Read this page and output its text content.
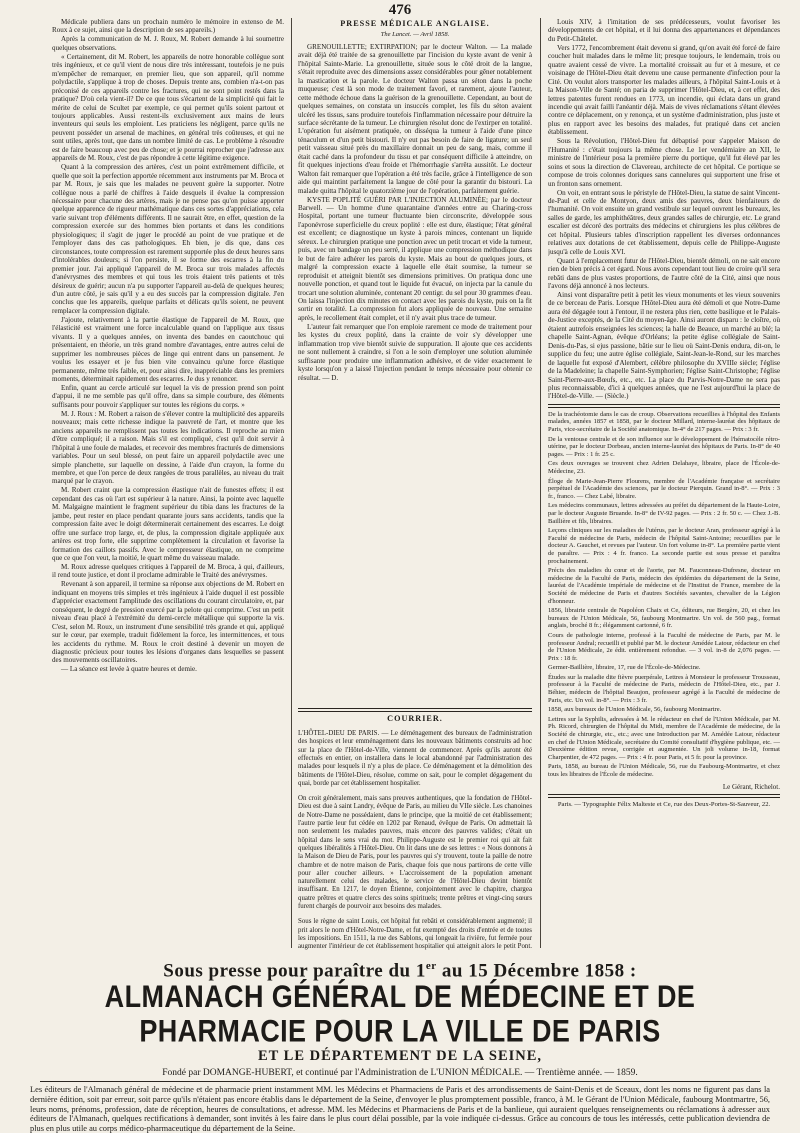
476

Médicale publiera dans un prochain numéro le mémoire in extenso de M. Roux à ce sujet, ainsi que la description de ses appareils.)

Après la communication de M. J. Roux, M. Robert demande à lui soumettre quelques observations.

« Certainement, dit M. Robert, les appareils de notre honorable collègue sont très ingénieux, et ce qu'il vient de nous dire très intéressant, toutefois je ne puis m'empêcher de remarquer, en premier lieu, que son appareil, qu'il nomme polydactile, s'applique à trop de choses. Depuis trente ans, combien n'a-t-on pas préconisé de ces appareils contre les fractures, qui ne sont point restés dans la pratique? D'où cela vient-il? De ce que tous s'écartent de la simplicité qui fait le mérite de celui de Scultet par exemple, ce qui permet qu'ils soient partout et toujours applicables. Aussi restent-ils exclusivement aux mains de leurs inventeurs qui seuls les emploient. Les praticiens les négligent, parce qu'ils ne peuvent posséder un arsenal de machines, en général très coûteuses, et qui ne sont utiles, après tout, que dans un nombre limité de cas. Le problème à résoudre est de faire beaucoup avec peu de chose; et je pourrai reprocher que j'adresse aux appareils de M. Roux, c'est de pas répondre à cette légitime exigence.

Quant à la compression des artères, c'est un point extrêmement difficile, et quelle que soit la perfection apportée récemment aux instruments par M. Broca et par M. Roux, je sais que les malades ne peuvent guère la supporter. Notre collègue nous a parlé de chiffres à l'aide desquels il évalue la compression nécessaire pour chacune des artères, mais je ne pense pas qu'on puisse apporter quelque apparence de rigueur mathématique dans ces sortes d'appréciations, cela varie suivant trop d'éléments différents. Il ne saurait être, en effet, question de la compression exercée sur des hommes bien portants et dans les conditions physiologiques; il s'agit de juger le procédé au point de vue pratique et de l'employer dans des cas pathologiques. Eh bien, je dis que, dans ces circonstances, toute compression est rarement supportée plus de deux heures sans d'intolérables douleurs; si l'on persiste, il se forme des escarres à la fin du premier jour. J'ai appliqué l'appareil de M. Broca sur trois malades affectés d'anévrysmes des membres et qui tous les trois étaient très patients et très désireux de guérir; aucun n'a pu supporter l'appareil au-delà de quelques heures; d'un autre côté, je sais qu'il y a eu des succès par la compression digitale. J'en conclus que les appareils, quelque parfaits et délicats qu'ils soient, ne peuvent remplacer la compression digitale.

J'ajoute, relativement à la partie élastique de l'appareil de M. Roux, que l'élasticité est vraiment une force incalculable quand on l'applique aux tissus vivants. Il y a quelques années, on inventa des bandes en caoutchouc qui présentaient, en théorie, un très grand nombre d'avantages, entre autres celui de supprimer les nombreuses pièces de linge qui entrent dans un pansement. Je voulus les essayer et je fus bien vite convaincu qu'une force élastique permanente, même très faible, et, pour ainsi dire, inappréciable dans les premiers moments, déterminait rapidement des escarres. Je dus y renoncer.

Enfin, quant au cercle articulé sur lequel la vis de pression prend son point d'appui, il ne me semble pas qu'il offre, dans sa simple courbure, des éléments suffisants pour pouvoir s'appliquer sur toutes les régions du corps. »

M. J. Roux : M. Robert a raison de s'élever contre la multiplicité des appareils nouveaux; mais cette richesse indique la pauvreté de l'art, et montre que les anciens appareils ne remplissent pas toutes les indications. Il reproche au mien d'être compliqué; il a raison. Mais s'il est compliqué, c'est qu'il doit servir à l'hôpital à une foule de malades, et recevoir des membres fracturés de dimensions variables. Pour un seul blessé, on peut faire un appareil polydactile avec une simple planchette, sur laquelle on dessine, à l'aide d'un crayon, la forme du membre, et que l'on perce de deux rangées de trous parallèles, au niveau du trait marqué par le crayon.

M. Robert craint que la compression élastique n'ait de funestes effets; il est cependant des cas où l'art est supérieur à la nature. Ainsi, la pointe avec laquelle M. Malgaigne maintient le fragment supérieur du tibia dans les fractures de la jambe, peut rester en place pendant quarante jours sans accidents, tandis que la compression faite avec le doigt déterminerait certainement des escarres. Le doigt offre une surface trop large, et, de plus, la compression digitale appliquée aux artères est trop forte, elle supprime complètement la circulation et favorise la formation des caillots passifs. Avec le compresseur élastique, on ne comprime que ce que l'on veut, la moitié, le quart même du vaisseau malade.

M. Roux adresse quelques critiques à l'appareil de M. Broca, à qui, d'ailleurs, il rend toute justice, et dont il proclame admirable le Traité des anévrysmes.

Revenant à son appareil, il termine sa réponse aux objections de M. Robert en indiquant en moyens très simples et très ingénieux à l'aide duquel il est possible d'apprécier exactement l'amplitude des oscillations du courant circulatoire, et, par conséquent, le degré de pression exercé par la pelote qui comprime. C'est un petit niveau d'eau placé à l'extrémité du demi-cercle métallique qui supporte la vis. C'est, selon M. Roux, un instrument d'une sensibilité très grande et qui, appliqué sur le cœur, par exemple, traduit fidèlement la force, les intermittences, et tous les accidents du rythme. M. Roux le croit destiné à devenir un moyen de diagnostic précieux pour toutes les lésions d'organes dans lesquelles se passent des mouvements oscillatoires.

— La séance est levée à quatre heures et demie.

PRESSE MÉDICALE ANGLAISE.
The Lancet. — Avril 1858.

GRENOUILLETTE; EXTIRPATION; par le docteur Walton. — La malade avait déjà été traitée de sa grenouillette par l'incision du kyste avant de venir à l'hôpital Sainte-Marie. La grenouillette, située sous le côté droit de la langue, s'était reproduite avec des dimensions assez considérables pour gêner notablement la mastication et la parole. Le docteur Walton passa un séton dans la poche muqueuse; c'est là son mode de traitement favori, et rarement, ajoute l'auteur, cette méthode échoue dans la guérison de la grenouillette. Cependant, au bout de quelques semaines, on constata un insuccès complet, les fils du séton avaient ulcéré les tissus, sans produire toutefois l'inflammation nécessaire pour détruire la surface sécrétante de la tumeur. Le chirurgien résolut donc de l'extirper en totalité. L'opération fut aisément pratiquée, on disséqua la tumeur à l'aide d'une pince ténaculum et d'un petit bistouri. Il n'y eut pas besoin de faire de ligature; un seul petit vaisseau situé près du maxillaire donnait un peu de sang, mais, comme il était caché dans la profondeur du tissu et par conséquent difficile à atteindre, on fit quelques injections d'eau froide et l'hémorrhagie s'arrêta aussitôt. Le docteur Walton fait remarquer que l'opération a été très facile, grâce à l'intelligence de son aide qui maintint parfaitement la langue de côté pour la garantir du bistouri. La malade quitta l'hôpital le quatorzième jour de l'opération, parfaitement guérie.

KYSTE POPLITÉ GUÉRI PAR L'INJECTION ALUMINÉE; par le docteur Barwell. — Un homme d'une quarantaine d'années entre au Charing-cross Hospital, portant une tumeur fluctuante bien circonscrite, développée sous l'aponévrose superficielle du creux poplité : elle est dure, élastique; l'état général est excellent; ce diagnostique un kyste à parois minces, contenant un liquide séreux. Le chirurgien pratique une ponction avec un petit trocart et vide la tumeur, puis, avec un bandage un peu serré, il applique une compression méthodique dans le but de faire adhérer les parois du kyste. Mais au bout de quelques jours, et malgré la compression exacte à laquelle elle était soumise, la tumeur se reproduisit et atteignit bientôt ses dimensions primitives. On pratiqua donc une nouvelle ponction, et quand tout le liquide fut évacué, on injecta par la canule du trocart une solution aluminée, contenant 20 centigr. du sel pour 30 grammes d'eau. On laissa l'injection dix minutes en contact avec les parois du kyste, puis on la fit sortir en totalité. La compression fut alors appliquée de nouveau. Une semaine après, le recollement était complet, et il n'y avait plus trace de tumeur.

L'auteur fait remarquer que l'on emploie rarement ce mode de traitement pour les kystes du creux poplité, dans la crainte de voir s'y développer une inflammation trop vive bientôt suivie de suppuration. Il ajoute que ces accidents ne sont nullement à craindre, si l'on a le soin d'employer une solution aluminée suffisante pour produire une inflammation adhésive, et de vider exactement le kyste lorsqu'on y a laissé l'injection pendant le temps nécessaire pour obtenir ce résultat. — D.

COURRIER.

L'HÔTEL-DIEU DE PARIS. — Le déménagement des bureaux de l'administration des hospices et leur emménagement dans les nouveaux bâtiments construits ad hoc sur la place de l'Hôtel-de-Ville, viennent de commencer. Après qu'ils auront été effectués en entier, on installera dans le local abandonné par l'administration des malades pour lesquels il n'y a plus de place. Ce déménagement et la démolition des bâtiments de l'Hôtel-Dieu, résolue, comme on sait, pour le complet dégagement du quai, borde par cet établissement hospitalier.

On croit généralement, mais sans preuves authentiques, que la fondation de l'Hôtel-Dieu est due à saint Landry, évêque de Paris, au milieu du VIIe siècle. Les chanoines de Notre-Dame ne possédaient, dans le principe, que la moitié de cet établissement; l'autre partie leur fut cédée en 1202 par Renaud, évêque de Paris. On admettait là non seulement les malades pauvres, mais encore des pauvres valides; c'était un hôpital dans le sens vrai du mot. Philippe-Auguste est le premier roi qui ait fait quelques libéralités à l'Hôtel-Dieu. On lit dans une de ses lettres : « Nous donnons à la Maison de Dieu de Paris, pour les pauvres qui s'y trouvent, toute la paille de notre chambre et de notre maison de Paris, chaque fois que nous partirons de cette ville pour aller coucher ailleurs. » L'accroissement de la population amenant naturellement celui des malades, le service de l'Hôtel-Dieu devint bientôt insuffisant. En 1217, le doyen Étienne, conjointement avec le chapitre, chargea quatre prêtres et quatre clercs des soins spirituels; trente prêtres et vingt-cinq sœurs furent chargés de pourvoir aux besoins des malades.

Sous le règne de saint Louis, cet hôpital fut rebâti et considérablement augmenté; il prit alors le nom d'Hôtel-Notre-Dame, et fut exempté des droits d'entrée et de toutes les impositions. En 1511, la rue des Sablons, qui longeait la rivière, fut fermée pour augmenter l'intérieur de cet établissement hospitalier qui atteignit alors le petit Pont.

Louis XIV, à l'imitation de ses prédécesseurs, voulut favoriser les développements de cet hôpital, et il lui donna des appartenances et dépendances du Petit-Châtelet.

Vers 1772, l'encombrement était devenu si grand, qu'on avait été forcé de faire coucher huit malades dans le même lit; presque toujours, le lendemain, trois ou quatre avaient cessé de vivre. La mortalité croissait au fur et à mesure, et ce voisinage de l'Hôtel-Dieu était devenu une cause permanente d'infection pour la Cité. On voulut alors transporter les malades ailleurs, à l'hôpital Saint-Louis et à la Maison-Ville de Santé; on paria de supprimer l'Hôtel-Dieu, et, à cet effet, des lettres patentes furent rendues en 1773, un incendie, qui éclata dans un grand incendie qui avait failli l'anéantir déjà. Mais de vives réclamations s'étant élevées contre ce déplacement, on y renonça, et un système d'administration, plus juste et plus en rapport avec les besoins des malades, fut pratiqué dans cet ancien établissement.

Sous la Révolution, l'Hôtel-Dieu fut débaptisé pour s'appeler Maison de l'Humanité : c'était toujours la même chose. Le 1er vendémiaire an XII, le ministre de l'intérieur posa la première pierre du portique, qu'il fut élevé par les soins et sous la direction de Clavereau, architecte de cet hôpital. Ce portique se compose de trois colonnes doriques sans cannelures qui supportent une frise et un fronton sans ornement.

On voit, en entrant sous le péristyle de l'Hôtel-Dieu, la statue de saint Vincent-de-Paul et celle de Montyon, deux amis des pauvres, deux bienfaiteurs de l'humanité. On voit ensuite un grand vestibule sur lequel ouvrent les bureaux, les salles de garde, les amphithéâtres, deux grandes salles de chirurgie, etc. Le grand escalier est décoré des portraits des médecins et chirurgiens les plus célèbres de cet hôpital. Plusieurs tables d'inscription rappellent les diverses ordonnances relatives aux dotations de cet établissement, depuis celle de Philippe-Auguste jusqu'à celle de Louis XVI.

Quant à l'emplacement futur de l'Hôtel-Dieu, bientôt démoli, on ne sait encore rien de bien précis à cet égard. Nous avons cependant tout lieu de croire qu'il sera rebâti dans de plus vastes proportions, de l'autre côté de la Cité, ainsi que nous l'avons déjà annoncé à nos lecteurs.

Ainsi vont disparaître petit à petit les vieux monuments et les vieux souvenirs de ce berceau de Paris. Lorsque l'Hôtel-Dieu aura été démoli et que Notre-Dame aura été dégagée tout à l'entour, il ne restera plus rien, cette basilique et le Palais-de-Justice exceptés, de la Cité du moyen-âge. Ainsi auront disparu : le cloître, où étaient autrefois enseignées les sciences; la halle de Beauce, un marché au blé; la chapelle Saint-Agnan, évêque d'Orléans; la petite église collégiale de Saint-Denis-du-Pas, si ejus passione, bâtie sur le lieu où Saint-Denis endura, dit-on, le supplice du feu; une autre église collégiale, Saint-Jean-le-Rond, sur les marches de laquelle fut exposé d'Alembert, célèbre philosophe du XVIIIe siècle; l'église de la Madeleine; la chapelle Saint-Symphorien; l'église Saint-Christophe; l'église Saint-Pierre-aux-Bœufs, etc., etc. La place du Parvis-Notre-Dame ne sera pas plus reconnaissable, d'ici à quelques années, que ne l'est aujourd'hui la place de l'Hôtel-de-Ville. — (Siècle.)

De la trachéotomie dans le cas de croup. Observations recueillies à l'hôpital des Enfants malades, années 1857 et 1858, par le docteur Millard, interne-lauréat des hôpitaux de Paris, vice-secrétaire de la Société anatomique. In-4° de 217 pages. — Prix : 3 fr.

De la ventouse centrale et de son influence sur le développement de l'hématocèle rétro-utérine, par le docteur Dorbeau, ancien interne-lauréat des hôpitaux de Paris. In-8° de 40 pages. — Prix : 1 fr. 25 c.

Ces deux ouvrages se trouvent chez Adrien Delahaye, libraire, place de l'École-de-Médecine, 23.

Éloge de Marie-Jean-Pierre Flourens, membre de l'Académie française et secrétaire perpétuel de l'Académie des sciences, par le docteur Pierquin. Grand in-8°. — Prix : 3 fr., franco. — Chez Labé, libraire.

Les médecins communaux, lettres adressées au préfet du département de la Haute-Loire, par le docteur Auguste Bruande. In-8° de IV-92 pages. — Prix : 2 fr. 50 c. — Chez J.-B. Baillière et fils, libraires.

Leçons cliniques sur les maladies de l'utérus, par le docteur Aran, professeur agrégé à la Faculté de médecine de Paris, médecin de l'hôpital Saint-Antoine; recueillies par le docteur A. Gauchet, et revues par l'auteur. Un fort volume in-8°. La première partie vient de paraître. — Prix : 4 fr. franco. La seconde partie est sous presse et paraîtra prochainement.

Précis des maladies du cœur et de l'aorte, par M. Fauconneau-Dufresne, docteur en médecine de la Faculté de Paris, médecin des épidémies du département de la Seine, lauréat de l'Académie impériale de médecine et de l'Institut de France, membre de la Société de médecine de Paris et d'autres Sociétés savantes, chevalier de la Légion d'honneur.

1856, librairie centrale de Napoléon Chaix et Ce, éditeurs, rue Bergère, 20, et chez les bureaux de l'Union Médicale, 56, faubourg Montmartre. Un vol. de 560 pag., format anglais, broché 8 fr.; élégamment cartonné, 6 fr.

Cours de pathologie interne, professé à la Faculté de médecine de Paris, par M. le professeur Andral; recueilli et publié par M. le docteur Amédée Latour, rédacteur en chef de l'Union Médicale, 2e édit. entièrement refondue. — 3 vol. in-8 de 2,076 pages. — Prix : 18 fr.

Germer-Baillière, libraire, 17, rue de l'École-de-Médecine.

Études sur la maladie dite fièvre puerpérale, Lettres à Monsieur le professeur Trousseau, professeur à la Faculté de médecine de Paris, médecin de l'Hôtel-Dieu, etc., par J. Béhier, médecin de l'hôpital Beaujon, professeur agrégé à la Faculté de médecine de Paris, etc. Un vol. in-8°. — Prix : 3 fr.

1858, aux bureaux de l'Union Médicale, 56, faubourg Montmartre.

Lettres sur la Syphilis, adressées à M. le rédacteur en chef de l'Union Médicale, par M. Ph. Ricord, chirurgien de l'hôpital du Midi, membre de l'Académie de médecine, de la Société de chirurgie, etc., etc.; avec une Introduction par M. Amédée Latour, rédacteur en chef de l'Union Médicale, secrétaire du Comité consultatif d'hygiène publique, etc. — Deuxième édition revue, corrigée et augmentée. Un joli volume in-18, format Charpentier, de 472 pages. — Prix : 4 fr. pour Paris, et 5 fr. pour la province.

Paris, 1858, au bureau de l'Union Médicale, 56, rue du Faubourg-Montmartre, et chez tous les libraires de l'École de médecine.

Le Gérant, Richelot.
Paris. — Typographie Félix Malteste et Ce, rue des Deux-Portes-St-Sauveur, 22.
Sous presse pour paraître du 1er au 15 Décembre 1858 :
ALMANACH GÉNÉRAL DE MÉDECINE ET DE PHARMACIE POUR LA VILLE DE PARIS
ET LE DÉPARTEMENT DE LA SEINE,
Fondé par DOMANGE-HUBERT, et continué par l'Administration de L'UNION MÉDICALE. — Trentième année. — 1859.
Les éditeurs de l'Almanach général de médecine et de pharmacie prient instamment MM. les Médecins et Pharmaciens de Paris et des arrondissements de Saint-Denis et de Sceaux, dont les noms ne figurent pas dans la dernière édition, soit par erreur, soit parce qu'ils n'étaient pas encore établis dans le département de la Seine, d'envoyer le plus promptement possible, franco, à M. le Gérant de l'Union Médicale, faubourg Montmartre, 56, leurs noms, prénoms, profession, date de réception, heures de consultations, et adresse. MM. les Médecins et Pharmaciens de Paris et de la banlieue, qui auraient quelques renseignements ou réclamations à adresser aux éditeurs de l'Almanach, quelques rectifications à demander, sont invités à les faire dans le plus court délai possible, par la voie indiquée ci-dessus. Grâce au concours de tous les intéressés, cette publication deviendra de plus en plus utile au corps médico-pharmaceutique du département de la Seine.
